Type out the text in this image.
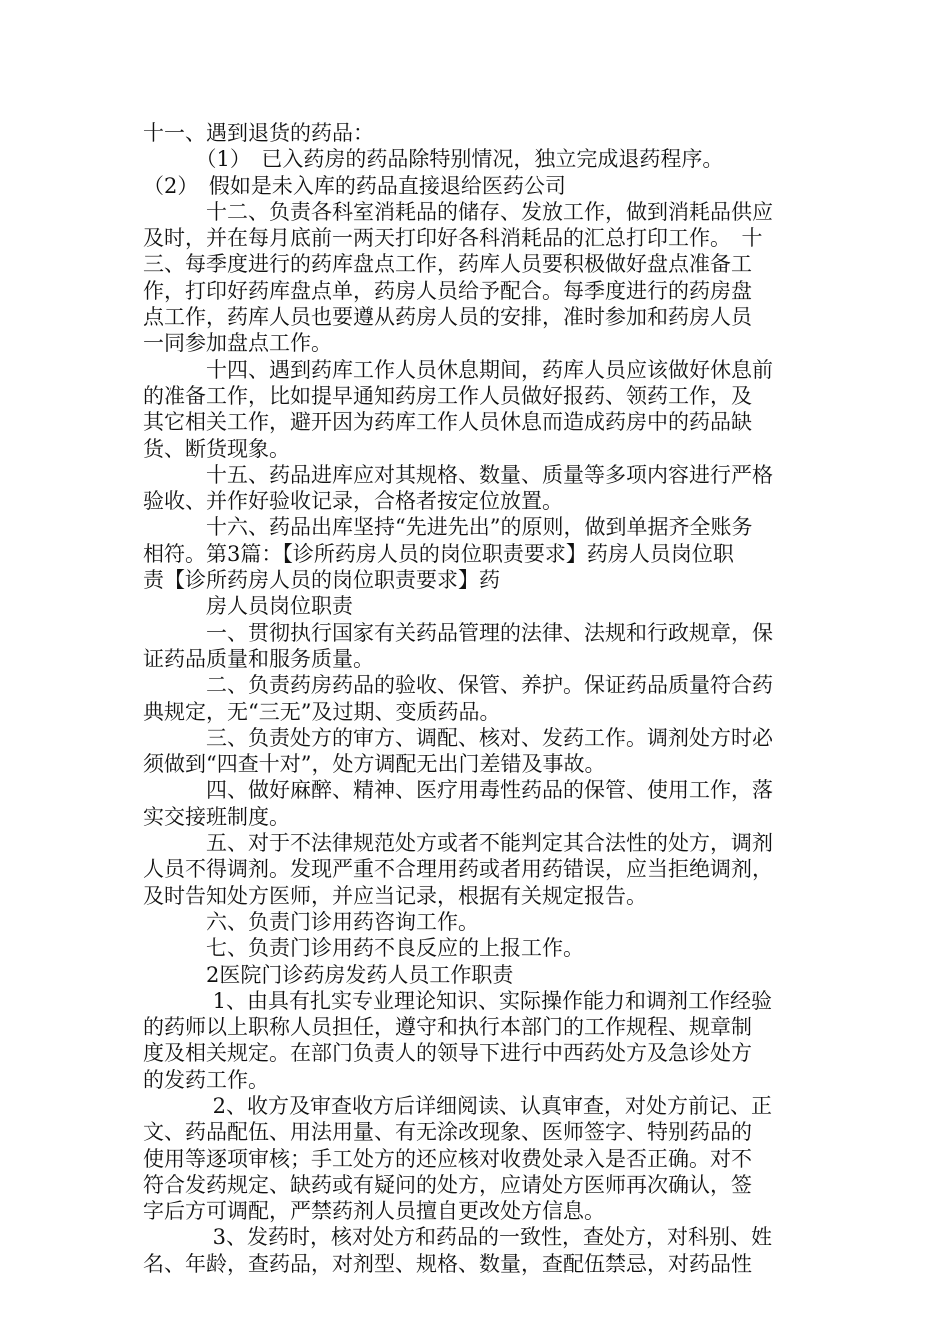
十一、遇到退货的药品：
　　　（1）　已入药房的药品除特别情况，独立完成退药程序。
（2）　假如是未入库的药品直接退给医药公司
　　　十二、负责各科室消耗品的储存、发放工作，做到消耗品供应
及时，并在每月底前一两天打印好各科消耗品的汇总打印工作。　十
三、每季度进行的药库盘点工作，药库人员要积极做好盘点准备工
作，打印好药库盘点单，药房人员给予配合。每季度进行的药房盘
点工作，药库人员也要遵从药房人员的安排，准时参加和药房人员
一同参加盘点工作。
　　　十四、遇到药库工作人员休息期间，药库人员应该做好休息前
的准备工作，比如提早通知药房工作人员做好报药、领药工作，及
其它相关工作，避开因为药库工作人员休息而造成药房中的药品缺
货、断货现象。
　　　十五、药品进库应对其规格、数量、质量等多项内容进行严格
验收、并作好验收记录，合格者按定位放置。
　　　十六、药品出库坚持“先进先出”的原则，做到单据齐全账务
相符。第3篇：【诊所药房人员的岗位职责要求】药房人员岗位职
责【诊所药房人员的岗位职责要求】药
　　　房人员岗位职责
　　　一、贯彻执行国家有关药品管理的法律、法规和行政规章，保
证药品质量和服务质量。
　　　二、负责药房药品的验收、保管、养护。保证药品质量符合药
典规定，无“三无”及过期、变质药品。
　　　三、负责处方的审方、调配、核对、发药工作。调剂处方时必
须做到“四查十对”，处方调配无出门差错及事故。
　　　四、做好麻醉、精神、医疗用毒性药品的保管、使用工作，落
实交接班制度。
　　　五、对于不法律规范处方或者不能判定其合法性的处方，调剂
人员不得调剂。发现严重不合理用药或者用药错误，应当拒绝调剂，
及时告知处方医师，并应当记录，根据有关规定报告。
　　　六、负责门诊用药咨询工作。
　　　七、负责门诊用药不良反应的上报工作。
　　　2医院门诊药房发药人员工作职责
　　　 1、由具有扎实专业理论知识、实际操作能力和调剂工作经验
的药师以上职称人员担任，遵守和执行本部门的工作规程、规章制
度及相关规定。在部门负责人的领导下进行中西药处方及急诊处方
的发药工作。
　　　 2、收方及审查收方后详细阅读、认真审查，对处方前记、正
文、药品配伍、用法用量、有无涂改现象、医师签字、特别药品的
使用等逐项审核；手工处方的还应核对收费处录入是否正确。对不
符合发药规定、缺药或有疑问的处方，应请处方医师再次确认，签
字后方可调配，严禁药剂人员擅自更改处方信息。
　　　 3、发药时，核对处方和药品的一致性，查处方，对科别、姓
名、年龄，查药品，对剂型、规格、数量，查配伍禁忌，对药品性
